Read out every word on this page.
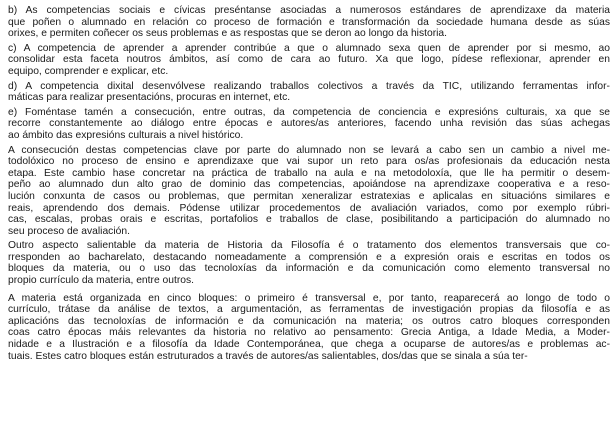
b) As competencias sociais e cívicas preséntanse asociadas a numerosos estándares de aprendizaxe da materia
que poñen o alumnado en relación co proceso de formación e transformación da sociedade humana desde as súas
orixes, e permiten coñecer os seus problemas e as respostas que se deron ao longo da historia.
c) A competencia de aprender a aprender contribúe a que o alumnado sexa quen de aprender por si mesmo, ao
consolidar esta faceta noutros ámbitos, así como de cara ao futuro. Xa que logo, pídese reflexionar, aprender en
equipo, comprender e explicar, etc.
d) A competencia dixital desenvólvese realizando traballos colectivos a través da TIC, utilizando ferramentas infor-
máticas para realizar presentacións, procuras en internet, etc.
e) Foméntase tamén a consecución, entre outras, da competencia de conciencia e expresións culturais, xa que se
recorre constantemente ao diálogo entre épocas e autores/as anteriores, facendo unha revisión das súas achegas
ao ámbito das expresións culturais a nivel histórico.
A consecución destas competencias clave por parte do alumnado non se levará a cabo sen un cambio a nivel me-
todolóxico no proceso de ensino e aprendizaxe que vai supor un reto para os/as profesionais da educación nesta
etapa. Este cambio hase concretar na práctica de traballo na aula e na metodoloxía, que lle ha permitir o desem-
peño ao alumnado dun alto grao de dominio das competencias, apoiándose na aprendizaxe cooperativa e a reso-
lución conxunta de casos ou problemas, que permitan xeneralizar estratexias e aplicalas en situacións similares e
reais, aprendendo dos demais. Pódense utilizar procedementos de avaliación variados, como por exemplo rúbri-
cas, escalas, probas orais e escritas, portafolios e traballos de clase, posibilitando a participación do alumnado no
seu proceso de avaliación.
Outro aspecto salientable da materia de Historia da Filosofía é o tratamento dos elementos transversais que co-
rresponden ao bacharelato, destacando nomeadamente a comprensión e a expresión orais e escritas en todos os
bloques da materia, ou o uso das tecnoloxías da información e da comunicación como elemento transversal no
propio currículo da materia, entre outros.
A materia está organizada en cinco bloques: o primeiro é transversal e, por tanto, reaparecerá ao longo de todo o
currículo, trátase da análise de textos, a argumentación, as ferramentas de investigación propias da filosofía e as
aplicacións das tecnoloxías de información e da comunicación na materia; os outros catro bloques corresponden
coas catro épocas máis relevantes da historia no relativo ao pensamento: Grecia Antiga, a Idade Media, a Moder-
nidade e a Ilustración e a filosofía da Idade Contemporánea, que chega a ocuparse de autores/as e problemas ac-
tuais. Estes catro bloques están estruturados a través de autores/as salientables, dos/das que se sinala a súa ter-
